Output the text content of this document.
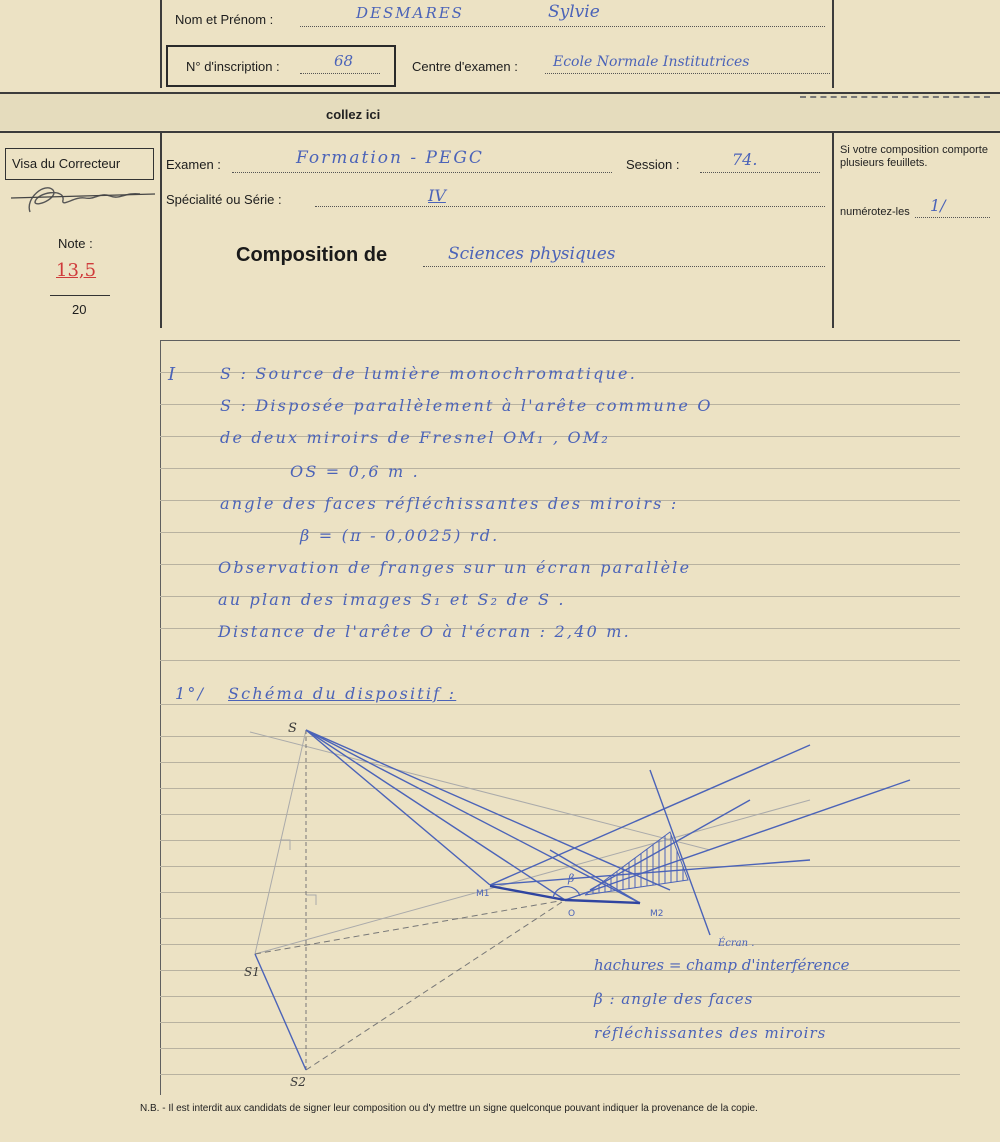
Nom et Prénom :	DESMARES	Sylvie
N° d'inscription :	68	Centre d'examen :	Ecole Normale Institutrices
collez ici
Visa du Correcteur
Note :
13,5
20
Examen :	Formation - PEGC	Session :	74.
Spécialité ou Série :	IV
Composition de	Sciences physiques
Si votre composition comporte plusieurs feuillets.
numérotez-les 1/
I	S : Source de lumière monochromatique.
S : Disposée parallèlement à l'arête commune O
de deux miroirs de Fresnel OM₁ , OM₂
OS = 0,6 m .
angle des faces réfléchissantes des miroirs :
β = (π - 0,0025) rd.
Observation de franges sur un écran parallèle
au plan des images S₁ et S₂ de S .
Distance de l'arête O à l'écran : 2,40 m.
1°/ Schéma du dispositif :
S
S1
S2
M1
O	M2
β
Écran .
hachures = champ d'interférence
β : angle des faces
réfléchissantes des miroirs
N.B. - Il est interdit aux candidats de signer leur composition ou d'y mettre un signe quelconque pouvant indiquer la provenance de la copie.
